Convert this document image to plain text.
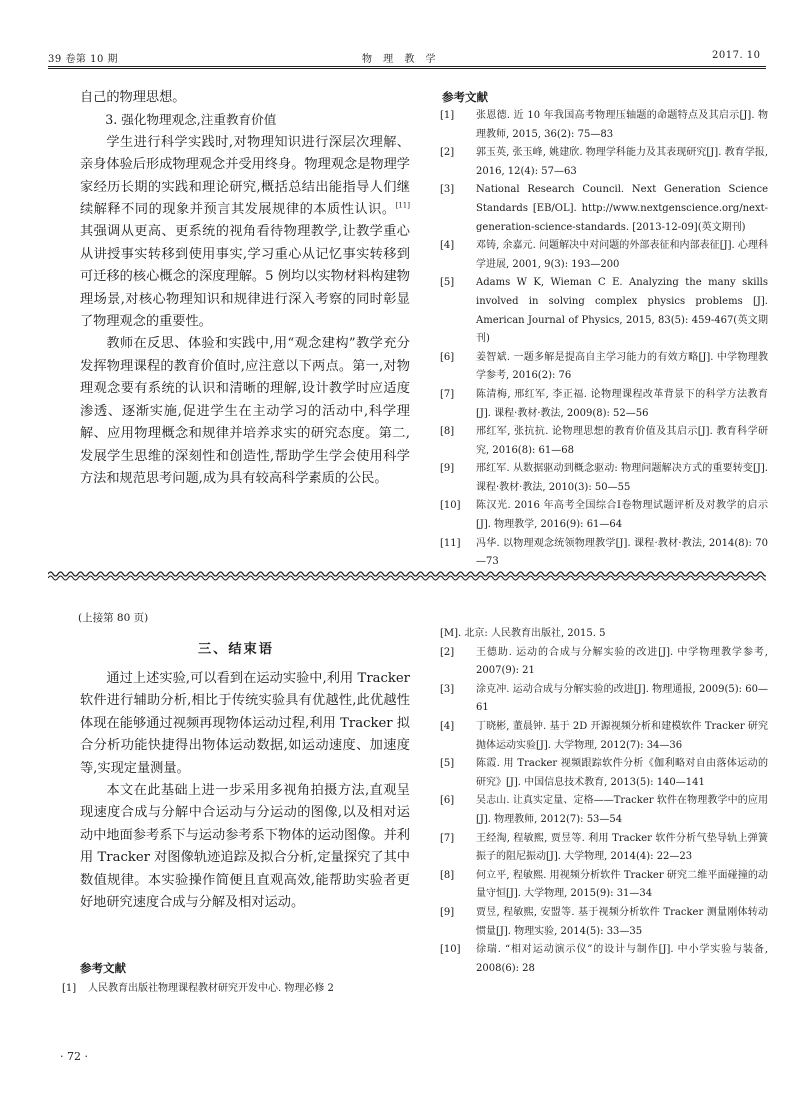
39 卷第 10 期	物 理 教 学	2017. 10

自己的物理思想。

3. 强化物理观念,注重教育价值

学生进行科学实践时,对物理知识进行深层次理解、亲身体验后形成物理观念并受用终身。物理观念是物理学家经历长期的实践和理论研究,概括总结出能指导人们继续解释不同的现象并预言其发展规律的本质性认识。[11]其强调从更高、更系统的视角看待物理教学,让教学重心从讲授事实转移到使用事实,学习重心从记忆事实转移到可迁移的核心概念的深度理解。5 例均以实物材料构建物理场景,对核心物理知识和规律进行深入考察的同时彰显了物理观念的重要性。

教师在反思、体验和实践中,用“观念建构”教学充分发挥物理课程的教育价值时,应注意以下两点。第一,对物理观念要有系统的认识和清晰的理解,设计教学时应适度渗透、逐渐实施,促进学生在主动学习的活动中,科学理解、应用物理概念和规律并培养求实的研究态度。第二,发展学生思维的深刻性和创造性,帮助学生学会使用科学方法和规范思考问题,成为具有较高科学素质的公民。

参考文献
[1]	张恩德. 近 10 年我国高考物理压轴题的命题特点及其启示[J]. 物理教师, 2015, 36(2): 75—83
[2]	郭玉英, 张玉峰, 姚建欣. 物理学科能力及其表现研究[J]. 教育学报, 2016, 12(4): 57—63
[3]	National Research Council. Next Generation Science Standards [EB/OL]. http://www.nextgenscience.org/next-generation-science-standards. [2013-12-09](英文期刊)
[4]	邓铸, 余嘉元. 问题解决中对问题的外部表征和内部表征[J]. 心理科学进展, 2001, 9(3): 193—200
[5]	Adams W K, Wieman C E. Analyzing the many skills involved in solving complex physics problems [J]. American Journal of Physics, 2015, 83(5): 459-467(英文期刊)
[6]	姜智斌. 一题多解是提高自主学习能力的有效方略[J]. 中学物理教学参考, 2016(2): 76
[7]	陈清梅, 邢红军, 李正福. 论物理课程改革背景下的科学方法教育[J]. 课程·教材·教法, 2009(8): 52—56
[8]	邢红军, 张抗抗. 论物理思想的教育价值及其启示[J]. 教育科学研究, 2016(8): 61—68
[9]	邢红军. 从数据驱动到概念驱动: 物理问题解决方式的重要转变[J]. 课程·教材·教法, 2010(3): 50—55
[10]	陈汉光. 2016 年高考全国综合Ⅰ卷物理试题评析及对教学的启示[J]. 物理教学, 2016(9): 61—64
[11]	冯华. 以物理观念统领物理教学[J]. 课程·教材·教法, 2014(8): 70—73
(上接第 80 页)
三、结束语

通过上述实验,可以看到在运动实验中,利用 Tracker 软件进行辅助分析,相比于传统实验具有优越性,此优越性体现在能够通过视频再现物体运动过程,利用 Tracker 拟合分析功能快捷得出物体运动数据,如运动速度、加速度等,实现定量测量。

本文在此基础上进一步采用多视角拍摄方法,直观呈现速度合成与分解中合运动与分运动的图像,以及相对运动中地面参考系下与运动参考系下物体的运动图像。并利用 Tracker 对图像轨迹追踪及拟合分析,定量探究了其中数值规律。本实验操作简便且直观高效,能帮助实验者更好地研究速度合成与分解及相对运动。

参考文献
[1]	人民教育出版社物理课程教材研究开发中心. 物理必修 2
[M]. 北京: 人民教育出版社, 2015. 5
[2]	王德助. 运动的合成与分解实验的改进[J]. 中学物理教学参考, 2007(9): 21
[3]	涂克冲. 运动合成与分解实验的改进[J]. 物理通报, 2009(5): 60—61
[4]	丁晓彬, 董晨钟. 基于 2D 开源视频分析和建模软件 Tracker 研究抛体运动实验[J]. 大学物理, 2012(7): 34—36
[5]	陈霞. 用 Tracker 视频跟踪软件分析《伽利略对自由落体运动的研究》[J]. 中国信息技术教育, 2013(5): 140—141
[6]	吴志山. 让真实定量、定格——Tracker 软件在物理教学中的应用[J]. 物理教师, 2012(7): 53—54
[7]	王经淘, 程敏熙, 贾昱等. 利用 Tracker 软件分析气垫导轨上弹簧振子的阻尼振动[J]. 大学物理, 2014(4): 22—23
[8]	何立平, 程敏熙. 用视频分析软件 Tracker 研究二维平面碰撞的动量守恒[J]. 大学物理, 2015(9): 31—34
[9]	贾昱, 程敏熙, 安盟等. 基于视频分析软件 Tracker 测量刚体转动惯量[J]. 物理实验, 2014(5): 33—35
[10]	徐瑞. “相对运动演示仪”的设计与制作[J]. 中小学实验与装备, 2008(6): 28
· 72 ·
